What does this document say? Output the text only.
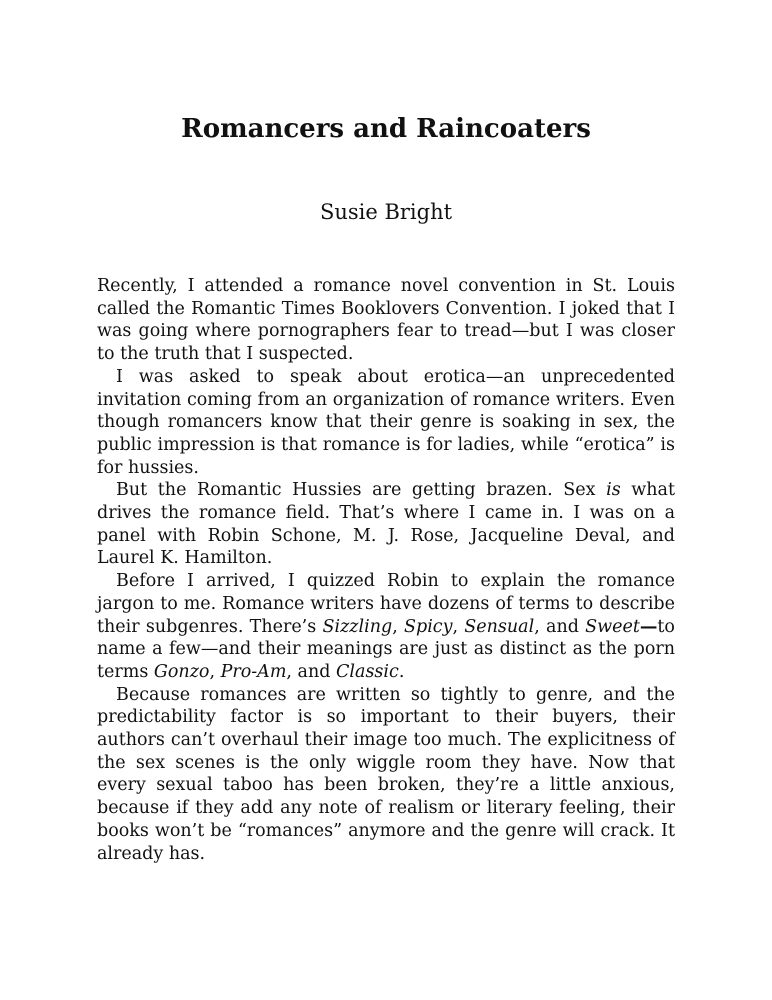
Romancers and Raincoaters
Susie Bright

Recently, I attended a romance novel convention in St. Louis called the Romantic Times Booklovers Convention. I joked that I was going where pornographers fear to tread—but I was closer to the truth that I suspected.

I was asked to speak about erotica—an unprecedented invitation coming from an organization of romance writers. Even though romancers know that their genre is soaking in sex, the public impression is that romance is for ladies, while “erotica” is for hussies.

But the Romantic Hussies are getting brazen. Sex is what drives the romance field. That’s where I came in. I was on a panel with Robin Schone, M. J. Rose, Jacqueline Deval, and Laurel K. Hamilton.

Before I arrived, I quizzed Robin to explain the romance jargon to me. Romance writers have dozens of terms to describe their subgenres. There’s Sizzling, Spicy, Sensual, and Sweet—to name a few—and their meanings are just as distinct as the porn terms Gonzo, Pro-Am, and Classic.

Because romances are written so tightly to genre, and the predictability factor is so important to their buyers, their authors can’t overhaul their image too much. The explicitness of the sex scenes is the only wiggle room they have. Now that every sexual taboo has been broken, they’re a little anxious, because if they add any note of realism or literary feeling, their books won’t be “romances” anymore and the genre will crack. It already has.
